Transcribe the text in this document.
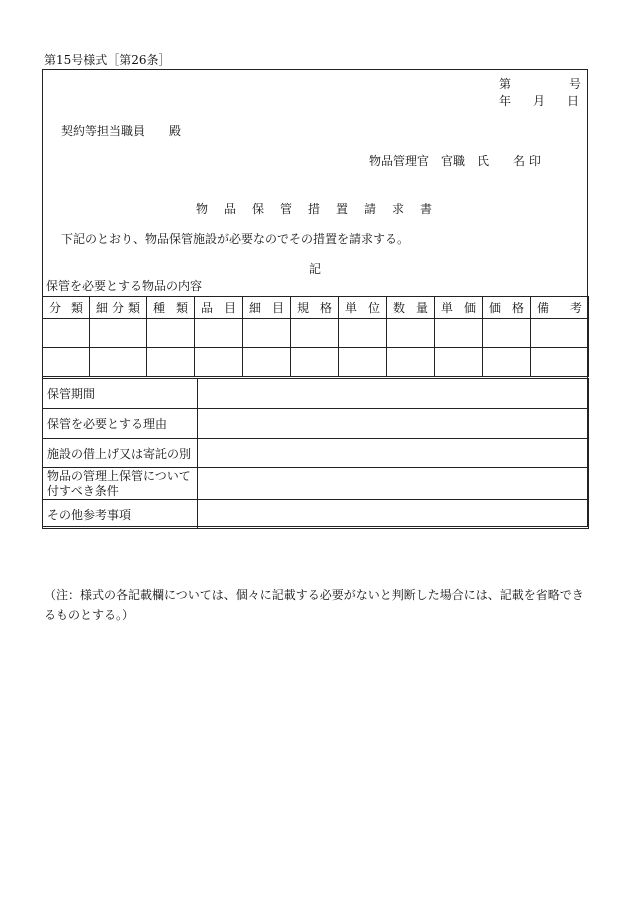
第15号様式［第26条］
第	号
年 月 日
契約等担当職員　　殿
物品管理官　官職　氏　　名 印
物　品　保　管　措　置　請　求　書
下記のとおり、物品保管施設が必要なのでその措置を請求する。
記
保管を必要とする物品の内容
分類	細分類	種類	品目	細目	規格	単位	数量	単価	価格	備考

保管期間	
保管を必要とする理由	
施設の借上げ又は寄託の別	
物品の管理上保管について付すべき条件	
その他参考事項	
（注：様式の各記載欄については、個々に記載する必要がないと判断した場合には、記載を省略できるものとする。）
